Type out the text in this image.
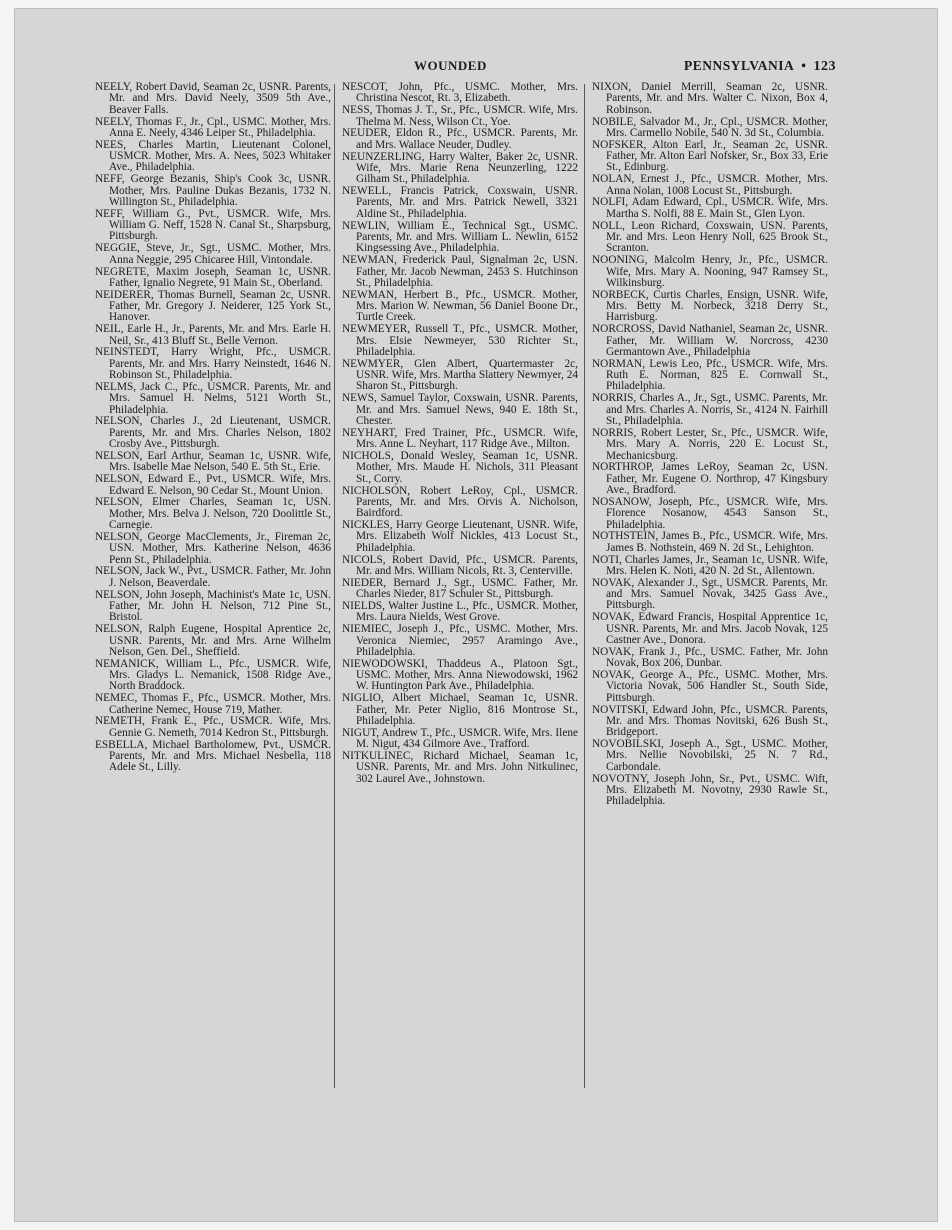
WOUNDED	PENNSYLVANIA • 123

NEELY, Robert David, Seaman 2c, USNR. Parents, Mr. and Mrs. David Neely, 3509 5th Ave., Beaver Falls.

NEELY, Thomas F., Jr., Cpl., USMC. Mother, Mrs. Anna E. Neely, 4346 Leiper St., Philadelphia.

NEES, Charles Martin, Lieutenant Colonel, USMCR. Mother, Mrs. A. Nees, 5023 Whitaker Ave., Philadelphia.

NEFF, George Bezanis, Ship's Cook 3c, USNR. Mother, Mrs. Pauline Dukas Bezanis, 1732 N. Willington St., Philadelphia.

NEFF, William G., Pvt., USMCR. Wife, Mrs. William G. Neff, 1528 N. Canal St., Sharpsburg, Pittsburgh.

NEGGIE, Steve, Jr., Sgt., USMC. Mother, Mrs. Anna Neggie, 295 Chicaree Hill, Vintondale.

NEGRETE, Maxim Joseph, Seaman 1c, USNR. Father, Ignalio Negrete, 91 Main St., Oberland.

NEIDERER, Thomas Burnell, Seaman 2c, USNR. Father, Mr. Gregory J. Neiderer, 125 York St., Hanover.

NEIL, Earle H., Jr., Parents, Mr. and Mrs. Earle H. Neil, Sr., 413 Bluff St., Belle Vernon.

NEINSTEDT, Harry Wright, Pfc., USMCR. Parents, Mr. and Mrs. Harry Neinstedt, 1646 N. Robinson St., Philadelphia.

NELMS, Jack C., Pfc., USMCR. Parents, Mr. and Mrs. Samuel H. Nelms, 5121 Worth St., Philadelphia.

NELSON, Charles J., 2d Lieutenant, USMCR. Parents, Mr. and Mrs. Charles Nelson, 1802 Crosby Ave., Pittsburgh.

NELSON, Earl Arthur, Seaman 1c, USNR. Wife, Mrs. Isabelle Mae Nelson, 540 E. 5th St., Erie.

NELSON, Edward E., Pvt., USMCR. Wife, Mrs. Edward E. Nelson, 90 Cedar St., Mount Union.

NELSON, Elmer Charles, Seaman 1c, USN. Mother, Mrs. Belva J. Nelson, 720 Doolittle St., Carnegie.

NELSON, George MacClements, Jr., Fireman 2c, USN. Mother, Mrs. Katherine Nelson, 4636 Penn St., Philadelphia.

NELSON, Jack W., Pvt., USMCR. Father, Mr. John J. Nelson, Beaverdale.

NELSON, John Joseph, Machinist's Mate 1c, USN. Father, Mr. John H. Nelson, 712 Pine St., Bristol.

NELSON, Ralph Eugene, Hospital Aprentice 2c, USNR. Parents, Mr. and Mrs. Arne Wilhelm Nelson, Gen. Del., Sheffield.

NEMANICK, William L., Pfc., USMCR. Wife, Mrs. Gladys L. Nemanick, 1508 Ridge Ave., North Braddock.

NEMEC, Thomas F., Pfc., USMCR. Mother, Mrs. Catherine Nemec, House 719, Mather.

NEMETH, Frank E., Pfc., USMCR. Wife, Mrs. Gennie G. Nemeth, 7014 Kedron St., Pittsburgh.

ESBELLA, Michael Bartholomew, Pvt., USMCR. Parents, Mr. and Mrs. Michael Nesbella, 118 Adele St., Lilly.

NESCOT, John, Pfc., USMC. Mother, Mrs. Christina Nescot, Rt. 3, Elizabeth.

NESS, Thomas J. T., Sr., Pfc., USMCR. Wife, Mrs. Thelma M. Ness, Wilson Ct., Yoe.

NEUDER, Eldon R., Pfc., USMCR. Parents, Mr. and Mrs. Wallace Neuder, Dudley.

NEUNZERLING, Harry Walter, Baker 2c, USNR. Wife, Mrs. Marie Rena Neunzerling, 1222 Gilham St., Philadelphia.

NEWELL, Francis Patrick, Coxswain, USNR. Parents, Mr. and Mrs. Patrick Newell, 3321 Aldine St., Philadelphia.

NEWLIN, William E., Technical Sgt., USMC. Parents, Mr. and Mrs. William L. Newlin, 6152 Kingsessing Ave., Philadelphia.

NEWMAN, Frederick Paul, Signalman 2c, USN. Father, Mr. Jacob Newman, 2453 S. Hutchinson St., Philadelphia.

NEWMAN, Herbert B., Pfc., USMCR. Mother, Mrs. Marion W. Newman, 56 Daniel Boone Dr., Turtle Creek.

NEWMEYER, Russell T., Pfc., USMCR. Mother, Mrs. Elsie Newmeyer, 530 Richter St., Philadelphia.

NEWMYER, Glen Albert, Quartermaster 2c, USNR. Wife, Mrs. Martha Slattery Newmyer, 24 Sharon St., Pittsburgh.

NEWS, Samuel Taylor, Coxswain, USNR. Parents, Mr. and Mrs. Samuel News, 940 E. 18th St., Chester.

NEYHART, Fred Trainer, Pfc., USMCR. Wife, Mrs. Anne L. Neyhart, 117 Ridge Ave., Milton.

NICHOLS, Donald Wesley, Seaman 1c, USNR. Mother, Mrs. Maude H. Nichols, 311 Pleasant St., Corry.

NICHOLSON, Robert LeRoy, Cpl., USMCR. Parents, Mr. and Mrs. Orvis A. Nicholson, Bairdford.

NICKLES, Harry George Lieutenant, USNR. Wife, Mrs. Elizabeth Wolf Nickles, 413 Locust St., Philadelphia.

NICOLS, Robert David, Pfc., USMCR. Parents, Mr. and Mrs. William Nicols, Rt. 3, Centerville.

NIEDER, Bernard J., Sgt., USMC. Father, Mr. Charles Nieder, 817 Schuler St., Pittsburgh.

NIELDS, Walter Justine L., Pfc., USMCR. Mother, Mrs. Laura Nields, West Grove.

NIEMIEC, Joseph J., Pfc., USMC. Mother, Mrs. Veronica Niemiec, 2957 Aramingo Ave., Philadelphia.

NIEWODOWSKI, Thaddeus A., Platoon Sgt., USMC. Mother, Mrs. Anna Niewodowski, 1962 W. Huntington Park Ave., Philadelphia.

NIGLIO, Albert Michael, Seaman 1c, USNR. Father, Mr. Peter Niglio, 816 Montrose St., Philadelphia.

NIGUT, Andrew T., Pfc., USMCR. Wife, Mrs. Ilene M. Nigut, 434 Gilmore Ave., Trafford.

NITKULINEC, Richard Michael, Seaman 1c, USNR. Parents, Mr. and Mrs. John Nitkulinec, 302 Laurel Ave., Johnstown.

NIXON, Daniel Merrill, Seaman 2c, USNR. Parents, Mr. and Mrs. Walter C. Nixon, Box 4, Robinson.

NOBILE, Salvador M., Jr., Cpl., USMCR. Mother, Mrs. Carmello Nobile, 540 N. 3d St., Columbia.

NOFSKER, Alton Earl, Jr., Seaman 2c, USNR. Father, Mr. Alton Earl Nofsker, Sr., Box 33, Erie St., Edinburg.

NOLAN, Ernest J., Pfc., USMCR. Mother, Mrs. Anna Nolan, 1008 Locust St., Pittsburgh.

NOLFI, Adam Edward, Cpl., USMCR. Wife, Mrs. Martha S. Nolfi, 88 E. Main St., Glen Lyon.

NOLL, Leon Richard, Coxswain, USN. Parents, Mr. and Mrs. Leon Henry Noll, 625 Brook St., Scranton.

NOONING, Malcolm Henry, Jr., Pfc., USMCR. Wife, Mrs. Mary A. Nooning, 947 Ramsey St., Wilkinsburg.

NORBECK, Curtis Charles, Ensign, USNR. Wife, Mrs. Betty M. Norbeck, 3218 Derry St., Harrisburg.

NORCROSS, David Nathaniel, Seaman 2c, USNR. Father, Mr. William W. Norcross, 4230 Germantown Ave., Philadelphia

NORMAN, Lewis Leo, Pfc., USMCR. Wife, Mrs. Ruth E. Norman, 825 E. Cornwall St., Philadelphia.

NORRIS, Charles A., Jr., Sgt., USMC. Parents, Mr. and Mrs. Charles A. Norris, Sr., 4124 N. Fairhill St., Philadelphia.

NORRIS, Robert Lester, Sr., Pfc., USMCR. Wife, Mrs. Mary A. Norris, 220 E. Locust St., Mechanicsburg.

NORTHROP, James LeRoy, Seaman 2c, USN. Father, Mr. Eugene O. Northrop, 47 Kingsbury Ave., Bradford.

NOSANOW, Joseph, Pfc., USMCR. Wife, Mrs. Florence Nosanow, 4543 Sanson St., Philadelphia.

NOTHSTEIN, James B., Pfc., USMCR. Wife, Mrs. James B. Nothstein, 469 N. 2d St., Lehighton.

NOTI, Charles James, Jr., Seaman 1c, USNR. Wife, Mrs. Helen K. Noti, 420 N. 2d St., Allentown.

NOVAK, Alexander J., Sgt., USMCR. Parents, Mr. and Mrs. Samuel Novak, 3425 Gass Ave., Pittsburgh.

NOVAK, Edward Francis, Hospital Apprentice 1c, USNR. Parents, Mr. and Mrs. Jacob Novak, 125 Castner Ave., Donora.

NOVAK, Frank J., Pfc., USMC. Father, Mr. John Novak, Box 206, Dunbar.

NOVAK, George A., Pfc., USMC. Mother, Mrs. Victoria Novak, 506 Handler St., South Side, Pittsburgh.

NOVITSKI, Edward John, Pfc., USMCR. Parents, Mr. and Mrs. Thomas Novitski, 626 Bush St., Bridgeport.

NOVOBILSKI, Joseph A., Sgt., USMC. Mother, Mrs. Nellie Novobilski, 25 N. 7 Rd., Carbondale.

NOVOTNY, Joseph John, Sr., Pvt., USMC. Wift, Mrs. Elizabeth M. Novotny, 2930 Rawle St., Philadelphia.
